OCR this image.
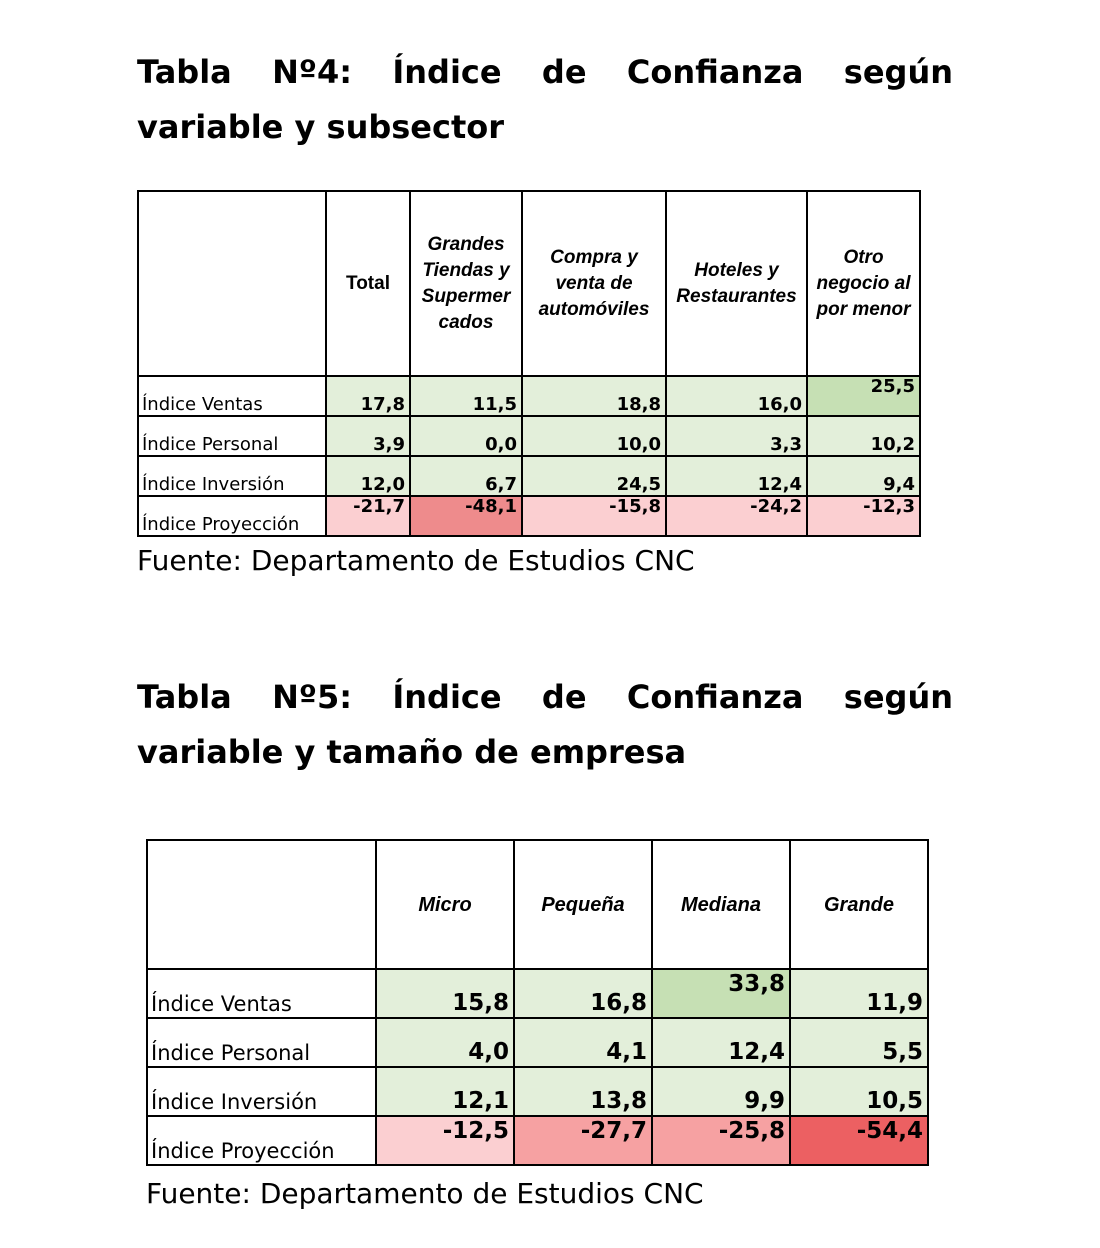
Tabla Nº4: Índice de Confianza según variable y subsector
	Total	Grandes Tiendas y Supermer cados	Compra y venta de automóviles	Hoteles y Restaurantes	Otro negocio al por menor
Índice Ventas	17,8	11,5	18,8	16,0	25,5
Índice Personal	3,9	0,0	10,0	3,3	10,2
Índice Inversión	12,0	6,7	24,5	12,4	9,4
Índice Proyección	-21,7	-48,1	-15,8	-24,2	-12,3

Fuente: Departamento de Estudios CNC

Tabla Nº5: Índice de Confianza según variable y tamaño de empresa
	Micro	Pequeña	Mediana	Grande
Índice Ventas	15,8	16,8	33,8	11,9
Índice Personal	4,0	4,1	12,4	5,5
Índice Inversión	12,1	13,8	9,9	10,5
Índice Proyección	-12,5	-27,7	-25,8	-54,4

Fuente: Departamento de Estudios CNC
